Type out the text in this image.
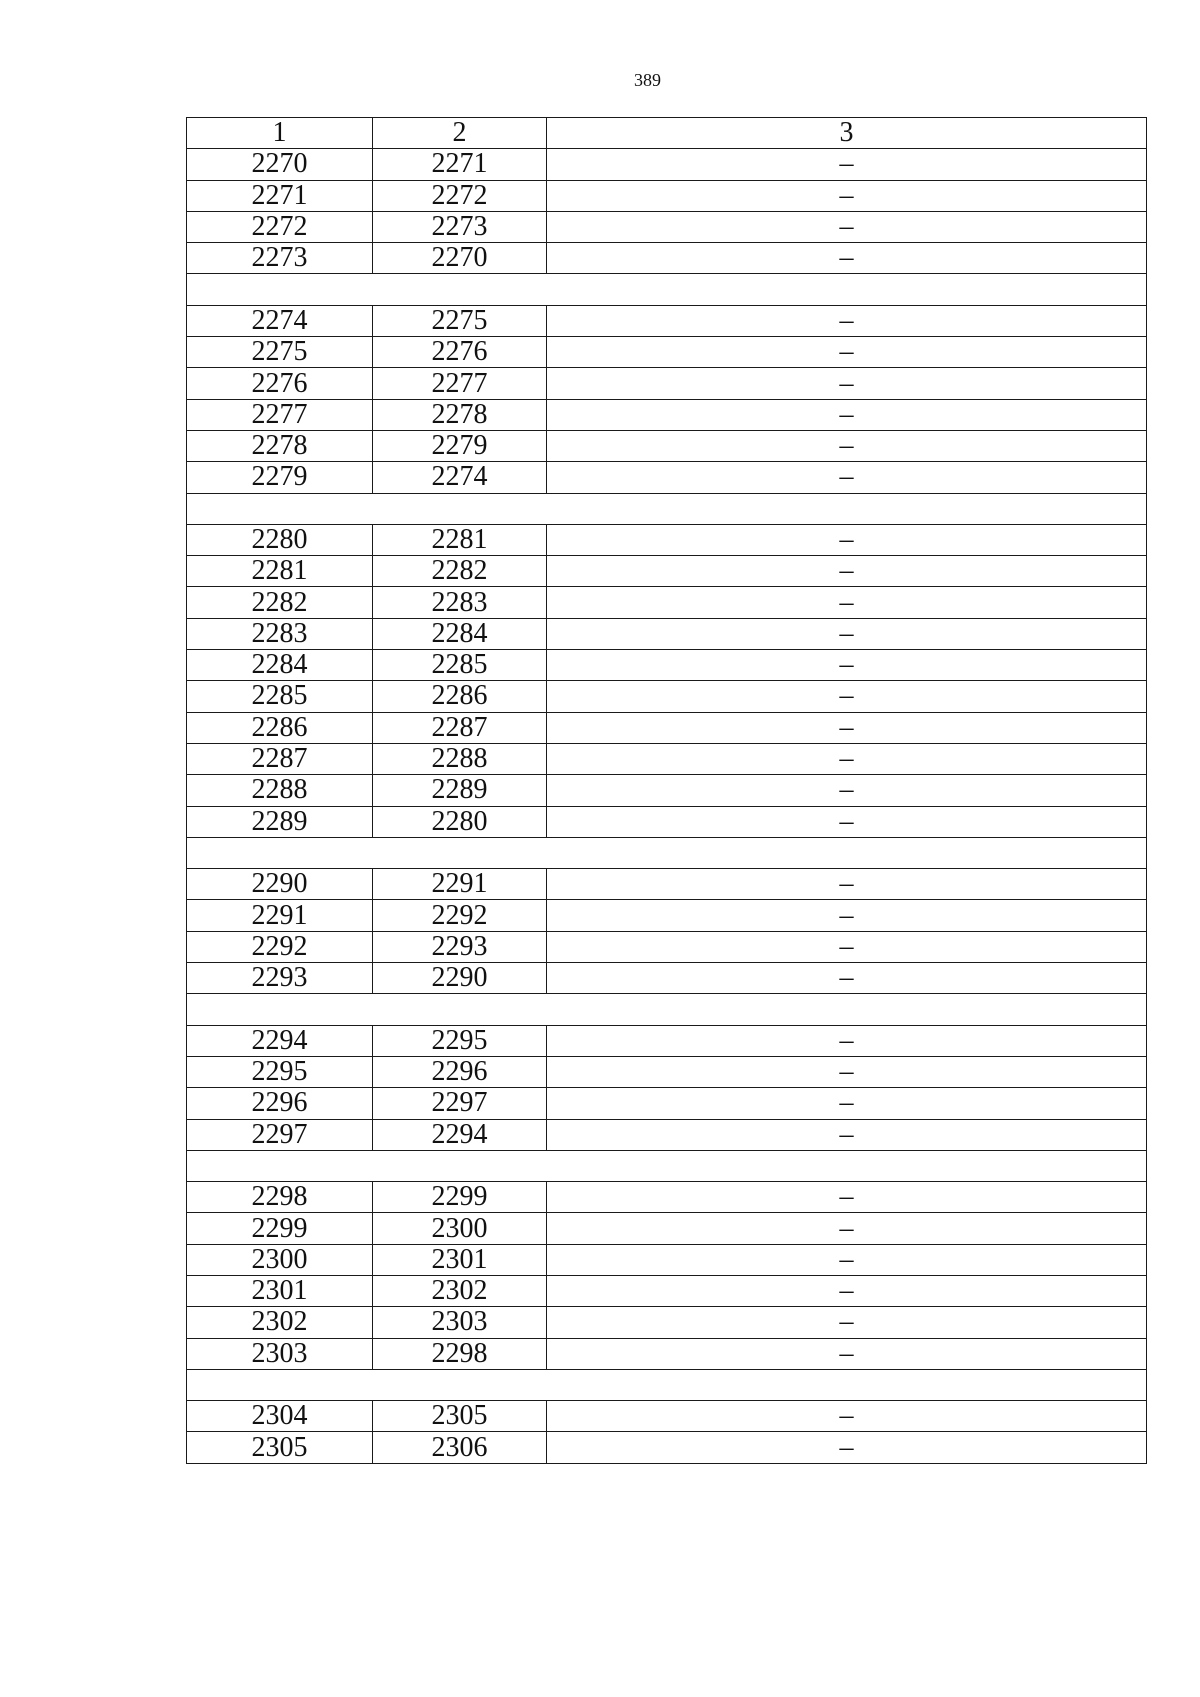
389
1	2	3
2270	2271	–
2271	2272	–
2272	2273	–
2273	2270	–

2274	2275	–
2275	2276	–
2276	2277	–
2277	2278	–
2278	2279	–
2279	2274	–

2280	2281	–
2281	2282	–
2282	2283	–
2283	2284	–
2284	2285	–
2285	2286	–
2286	2287	–
2287	2288	–
2288	2289	–
2289	2280	–

2290	2291	–
2291	2292	–
2292	2293	–
2293	2290	–

2294	2295	–
2295	2296	–
2296	2297	–
2297	2294	–

2298	2299	–
2299	2300	–
2300	2301	–
2301	2302	–
2302	2303	–
2303	2298	–

2304	2305	–
2305	2306	–
